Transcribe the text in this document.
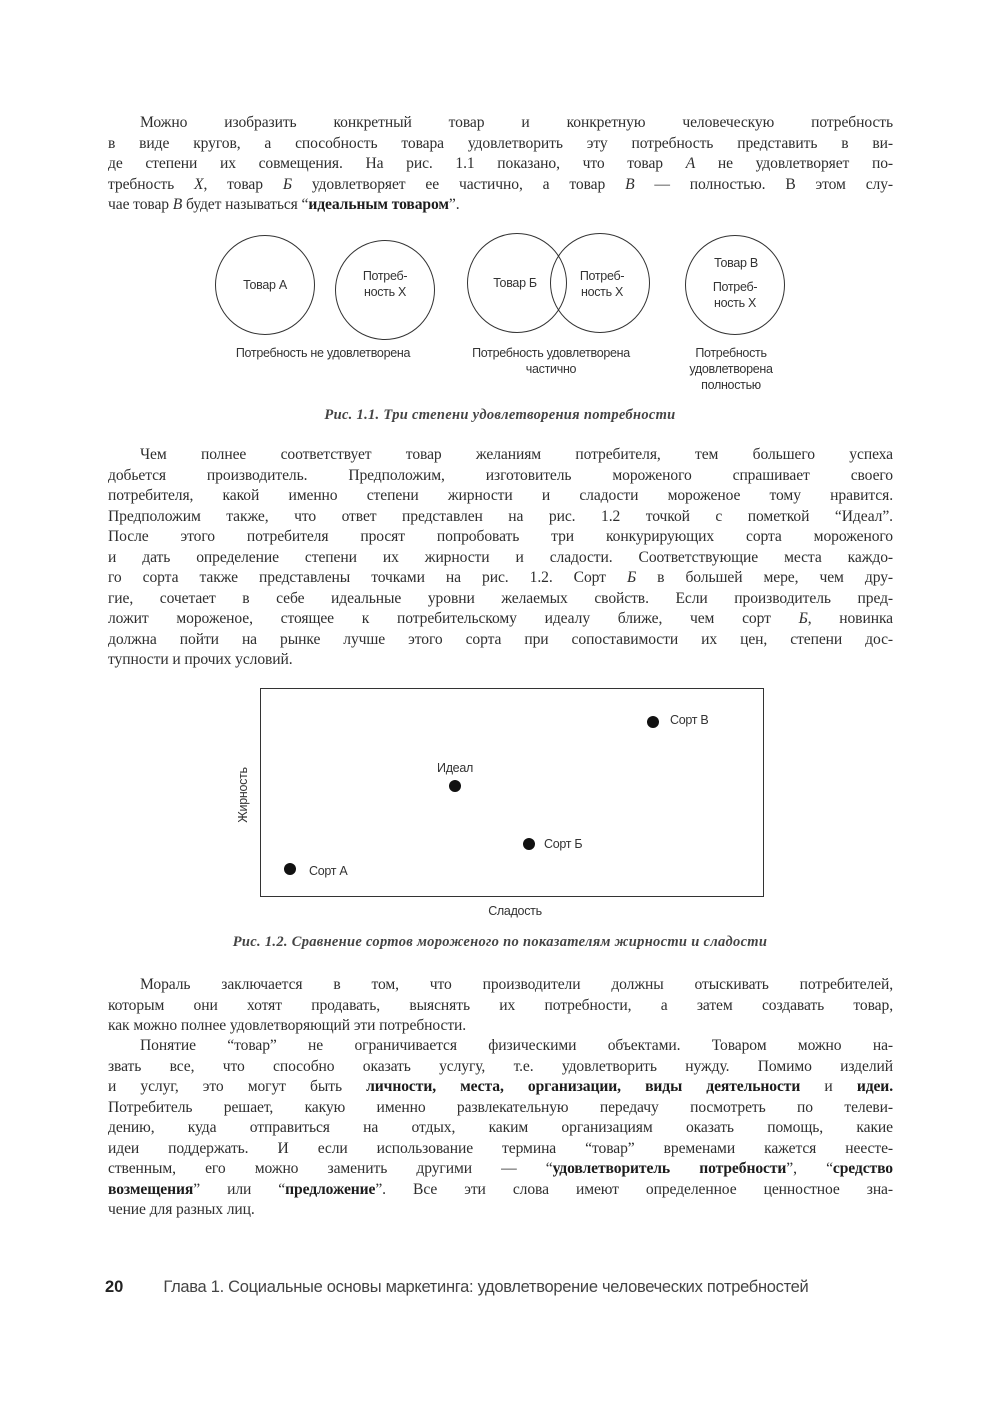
Можно изобразить конкретный товар и конкретную человеческую потребность
в виде кругов, а способность товара удовлетворить эту потребность представить в ви-
де степени их совмещения. На рис. 1.1 показано, что товар А не удовлетворяет по-
требность X, товар Б удовлетворяет ее частично, а товар В — полностью. В этом слу-
чае товар В будет называться “идеальным товаром”.
Товар А
Потреб-
ность X
Товар Б	Потреб-
ность X
Товар В
Потреб-
ность X
Потребность не удовлетворена	Потребность удовлетворена
частично
Потребность
удовлетворена
полностью
Рис. 1.1. Три степени удовлетворения потребности
Чем полнее соответствует товар желаниям потребителя, тем большего успеха
добьется производитель. Предположим, изготовитель мороженого спрашивает своего
потребителя, какой именно степени жирности и сладости мороженое тому нравится.
Предположим также, что ответ представлен на рис. 1.2 точкой с пометкой “Идеал”.
После этого потребителя просят попробовать три конкурирующих сорта мороженого
и дать определение степени их жирности и сладости. Соответствующие места каждо-
го сорта также представлены точками на рис. 1.2. Сорт Б в большей мере, чем дру-
гие, сочетает в себе идеальные уровни желаемых свойств. Если производитель пред-
ложит мороженое, стоящее к потребительскому идеалу ближе, чем сорт Б, новинка
должна пойти на рынке лучше этого сорта при сопоставимости их цен, степени дос-
тупности и прочих условий.
Жирность
Сладость
Сорт В
Идеал
Сорт Б
Сорт А
Рис. 1.2. Сравнение сортов мороженого по показателям жирности и сладости
Мораль заключается в том, что производители должны отыскивать потребителей,
которым они хотят продавать, выяснять их потребности, а затем создавать товар,
как можно полнее удовлетворяющий эти потребности.
Понятие “товар” не ограничивается физическими объектами. Товаром можно на-
звать все, что способно оказать услугу, т.е. удовлетворить нужду. Помимо изделий
и услуг, это могут быть личности, места, организации, виды деятельности и идеи.
Потребитель решает, какую именно развлекательную передачу посмотреть по телеви-
дению, куда отправиться на отдых, каким организациям оказать помощь, какие
идеи поддержать. И если использование термина “товар” временами кажется неесте-
ственным, его можно заменить другими — “удовлетворитель потребности”, “средство
возмещения” или “предложение”. Все эти слова имеют определенное ценностное зна-
чение для разных лиц.
20 Глава 1. Социальные основы маркетинга: удовлетворение человеческих потребностей
